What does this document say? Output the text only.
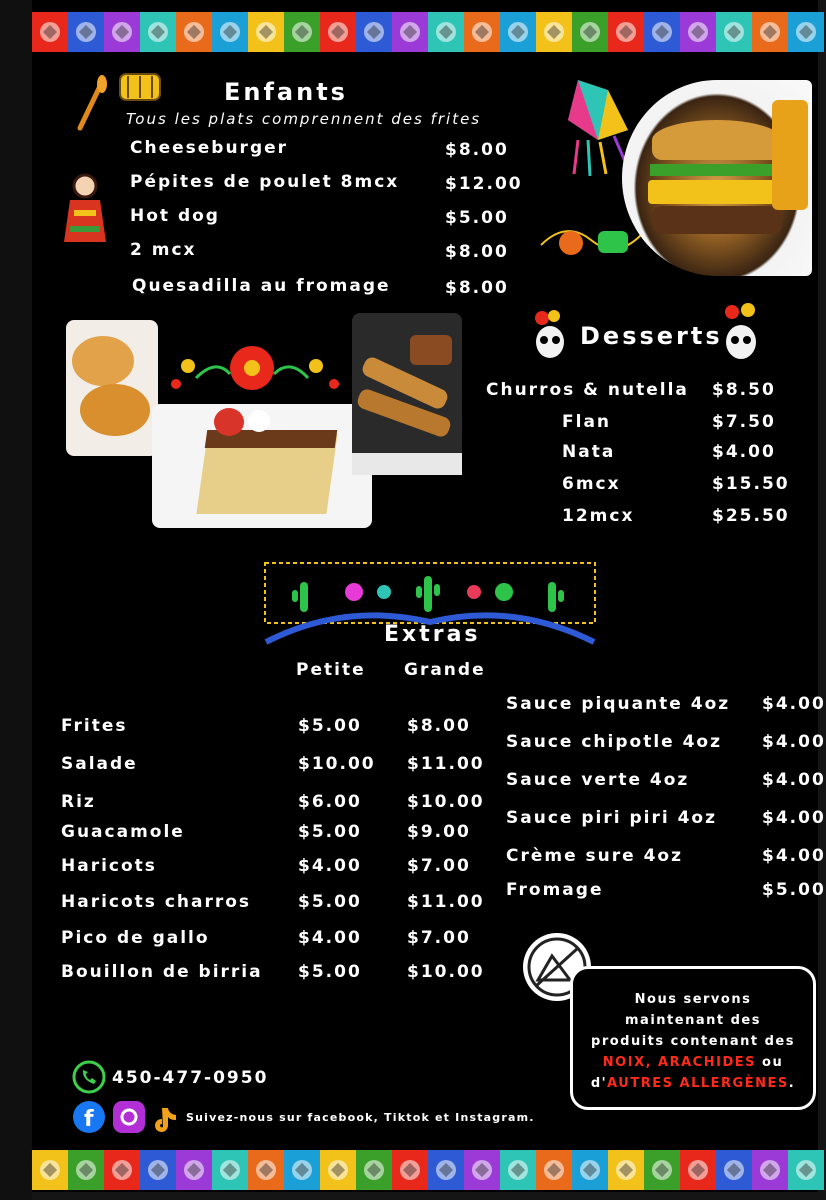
Enfants
Tous les plats comprennent des frites
Desserts
Extras
Petite Grande
Nous servons
maintenant des
produits contenant des
NOIX, ARACHIDES ou
d'AUTRES ALLERGÈNES.
450-477-0950
f	Suivez-nous sur facebook, Tiktok et Instagram.
Cheeseburger	$8.00
Pépites de poulet 8mcx	$12.00
Hot dog	$5.00
2 mcx	$8.00
Quesadilla au fromage	$8.00
Churros & nutella $8.50
Flan	$7.50
Nata	$4.00
6mcx	$15.50
12mcx	$25.50
Frites	$5.00	$8.00
Salade	$10.00 $11.00
Riz	$6.00	$10.00
Guacamole	$5.00	$9.00
Haricots	$4.00	$7.00
Haricots charros	$5.00	$11.00
Pico de gallo	$4.00	$7.00
Bouillon de birria $5.00	$10.00
Sauce piquante 4oz $4.00
Sauce chipotle 4oz $4.00
Sauce verte 4oz	$4.00
Sauce piri piri 4oz	$4.00
Crème sure 4oz	$4.00
Fromage	$5.00
